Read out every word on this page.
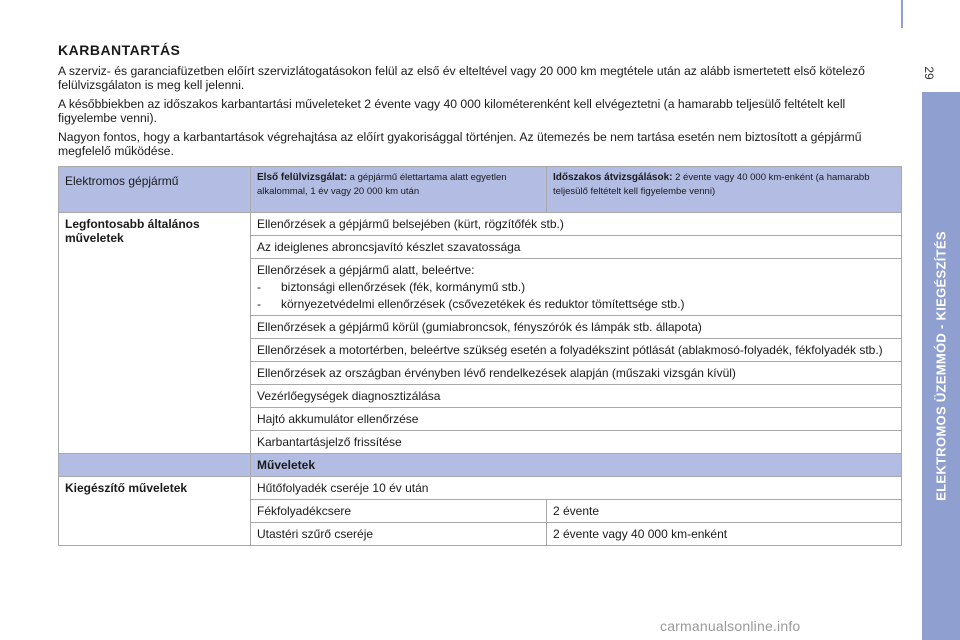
29
ELEKTROMOS ÜZEMMÓD - KIEGÉSZÍTÉS
KARBANTARTÁS

A szerviz- és garanciafüzetben előírt szervizlátogatásokon felül az első év elteltével vagy 20 000 km megtétele után az alább ismertetett első kötelező felülvizsgálaton is meg kell jelenni.

A későbbiekben az időszakos karbantartási műveleteket 2 évente vagy 40 000 kilométerenként kell elvégeztetni (a hamarabb teljesülő feltételt kell figyelembe venni).

Nagyon fontos, hogy a karbantartások végrehajtása az előírt gyakorisággal történjen. Az ütemezés be nem tartása esetén nem biztosított a gépjármű megfelelő működése.

Elektromos gépjármű	Első felülvizsgálat: a gépjármű élettartama alatt egyetlen alkalommal, 1 év vagy 20 000 km után	Időszakos átvizsgálások: 2 évente vagy 40 000 km-enként (a hamarabb teljesülő feltételt kell figyelembe venni)
Legfontosabb általános műveletek	Ellenőrzések a gépjármű belsejében (kürt, rögzítőfék stb.)	
	Az ideiglenes abroncsjavító készlet szavatossága	

	Ellenőrzések a gépjármű alatt, beleértve:
- biztonsági ellenőrzések (fék, kormánymű stb.)
- környezetvédelmi ellenőrzések (csővezetékek és reduktor tömítettsége stb.)	

	Ellenőrzések a gépjármű körül (gumiabroncsok, fényszórók és lámpák stb. állapota)	
	Ellenőrzések a motortérben, beleértve szükség esetén a folyadékszint pótlását (ablakmosó-folyadék, fékfolyadék stb.)	
	Ellenőrzések az országban érvényben lévő rendelkezések alapján (műszaki vizsgán kívül)	
	Vezérlőegységek diagnosztizálása	
	Hajtó akkumulátor ellenőrzése	
	Karbantartásjelző frissítése	
	Műveletek	
Kiegészítő műveletek	Hűtőfolyadék cseréje 10 év után	
	Fékfolyadékcsere	2 évente
	Utastéri szűrő cseréje	2 évente vagy 40 000 km-enként
carmanualsonline.info
